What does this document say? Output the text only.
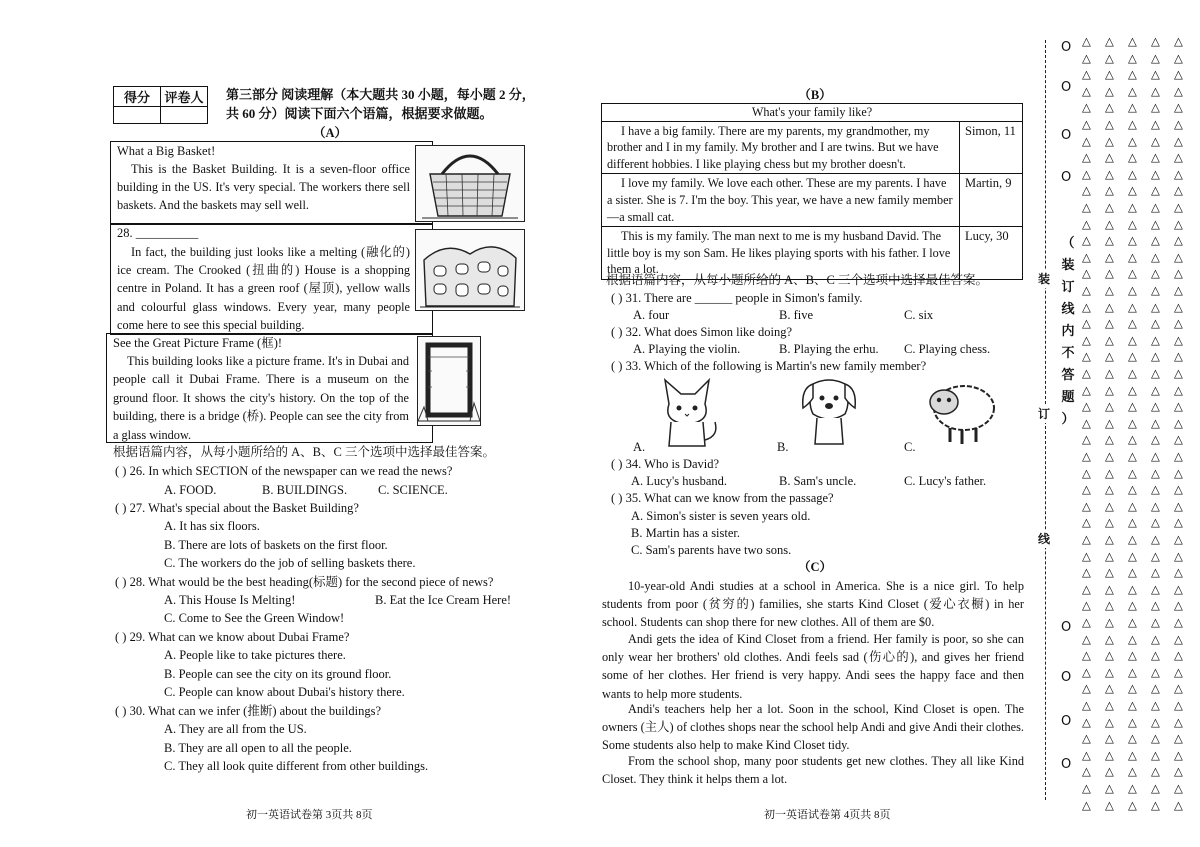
得分	评卷人
	第三部分 阅读理解（本大题共 30 小题，每小题 2 分，
共 60 分）阅读下面六个语篇，根据要求做题。
（A）
What a Big Basket!
This is the Basket Building. It is a seven-floor office building in the US. It's very special. The workers there sell baskets. And the baskets may sell well.
28. __________
In fact, the building just looks like a melting (融化的) ice cream. The Crooked (扭曲的) House is a shopping centre in Poland. It has a green roof (屋顶), yellow walls and colourful glass windows. Every year, many people come here to see this special building.
See the Great Picture Frame (框)!
This building looks like a picture frame. It's in Dubai and people call it Dubai Frame. There is a museum on the ground floor. It shows the city's history. On the top of the building, there is a bridge (桥). People can see the city from a glass window.
根据语篇内容，从每小题所给的 A、B、C 三个选项中选择最佳答案。
( ) 26. In which SECTION of the newspaper can we read the news?
A. FOOD.	B. BUILDINGS. C. SCIENCE.
( ) 27. What's special about the Basket Building?
A. It has six floors.
B. There are lots of baskets on the first floor.
C. The workers do the job of selling baskets there.
( ) 28. What would be the best heading(标题) for the second piece of news?
A. This House Is Melting!	B. Eat the Ice Cream Here!
C. Come to See the Green Window!
( ) 29. What can we know about Dubai Frame?
A. People like to take pictures there.
B. People can see the city on its ground floor.
C. People can know about Dubai's history there.
( ) 30. What can we infer (推断) about the buildings?
A. They are all from the US.
B. They are all open to all the people.
C. They all look quite different from other buildings.
初一英语试卷第 3页共 8页
（B）
What's your family like?	
I have a big family. There are my parents, my grandmother, my brother and I in my family. My brother and I are twins. But we have different hobbies. I like playing chess but my brother doesn't.	Simon, 11
I love my family. We love each other. These are my parents. I have a sister. She is 7. I'm the boy. This year, we have a new family member—a small cat.	Martin, 9
This is my family. The man next to me is my husband David. The little boy is my son Sam. He likes playing sports with his father. I love them a lot.	Lucy, 30
根据语篇内容，从每小题所给的 A、B、C 三个选项中选择最佳答案。
( ) 31. There are ______ people in Simon's family.
A. four	B. five	C. six
( ) 32. What does Simon like doing?
A. Playing the violin.	B. Playing the erhu. C. Playing chess.
( ) 33. Which of the following is Martin's new family member?
A.	B.	C.
( ) 34. Who is David?
A. Lucy's husband.	B. Sam's uncle.	C. Lucy's father.
( ) 35. What can we know from the passage?
A. Simon's sister is seven years old.
B. Martin has a sister.
C. Sam's parents have two sons.
（C）
10-year-old Andi studies at a school in America. She is a nice girl. To help students from poor (贫穷的) families, she starts Kind Closet (爱心衣橱) in her school. Students can shop there for new clothes. All of them are $0.
Andi gets the idea of Kind Closet from a friend. Her family is poor, so she can only wear her brothers' old clothes. Andi feels sad (伤心的), and gives her friend some of her clothes. Her friend is very happy. Andi sees the happy face and then wants to help more students.
Andi's teachers help her a lot. Soon in the school, Kind Closet is open. The owners (主人) of clothes shops near the school help Andi and give Andi their clothes. Some students also help to make Kind Closet tidy.
From the school shop, many poor students get new clothes. They all like Kind Closet. They think it helps them a lot.
初一英语试卷第 4页共 8页
（
装
订
线
内
不
答
题
）
装
订
线
O
O
O
O
O
O
O
O
△ △ △ △ △
△ △ △ △ △
△ △ △ △ △
△ △ △ △ △
△ △ △ △ △
△ △ △ △ △
△ △ △ △ △
△ △ △ △ △
△ △ △ △ △
△ △ △ △ △
△ △ △ △ △
△ △ △ △ △
△ △ △ △ △
△ △ △ △ △
△ △ △ △ △
△ △ △ △ △
△ △ △ △ △
△ △ △ △ △
△ △ △ △ △
△ △ △ △ △
△ △ △ △ △
△ △ △ △ △
△ △ △ △ △
△ △ △ △ △
△ △ △ △ △
△ △ △ △ △
△ △ △ △ △
△ △ △ △ △
△ △ △ △ △
△ △ △ △ △
△ △ △ △ △
△ △ △ △ △
△ △ △ △ △
△ △ △ △ △
△ △ △ △ △
△ △ △ △ △
△ △ △ △ △
△ △ △ △ △
△ △ △ △ △
△ △ △ △ △
△ △ △ △ △
△ △ △ △ △
△ △ △ △ △
△ △ △ △ △
△ △ △ △ △
△ △ △ △ △
△ △ △ △ △
